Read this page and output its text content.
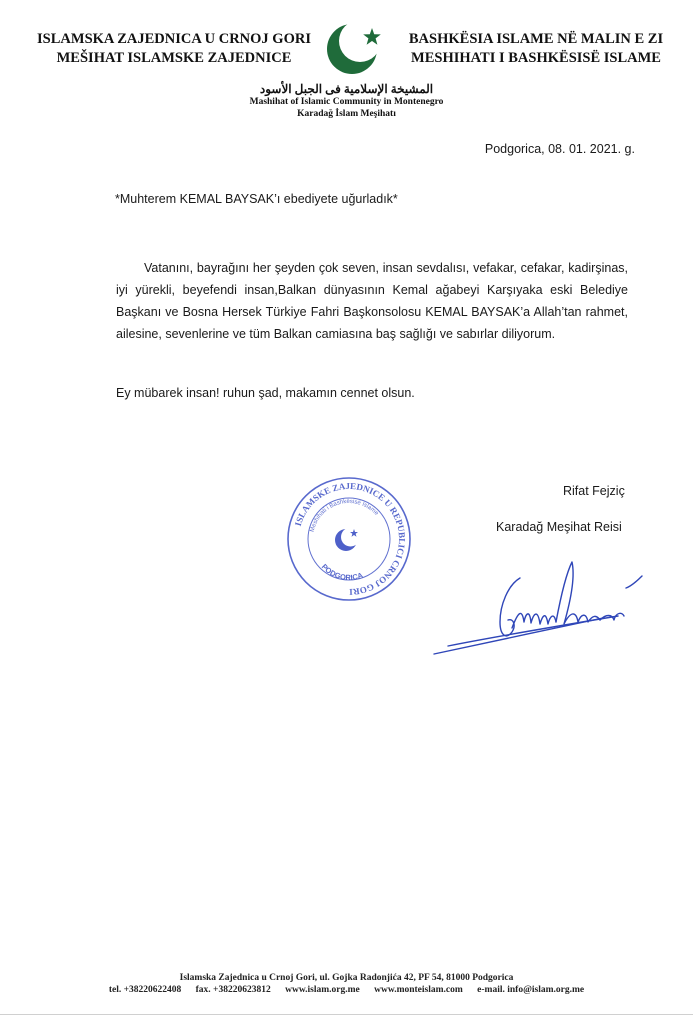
ISLAMSKA ZAJEDNICA U CRNOJ GORI
MEŠIHAT ISLAMSKE ZAJEDNICE
BASHKËSIA ISLAME NË MALIN E ZI
MESHIHATI I BASHKËSISË ISLAME
المشيخة الإسلامية فى الجبل الأسود
Mashihat of Islamic Community in Montenegro
Karadağ İslam Meşihatı
Podgorica, 08. 01. 2021. g.
*Muhterem KEMAL BAYSAK’ı ebediyete uğurladık*
Vatanını, bayrağını her şeyden çok seven, insan sevdalısı, vefakar, cefakar, kadirşinas, iyi yürekli, beyefendi insan,Balkan dünyasının Kemal ağabeyi Karşıyaka eski Belediye Başkanı ve Bosna Hersek Türkiye Fahri Başkonsolosu KEMAL BAYSAK’a Allah’tan rahmet, ailesine, sevenlerine ve tüm Balkan camiasına baş sağlığı ve sabırlar diliyorum.
Ey mübarek insan! ruhun şad, makamın cennet olsun.
Rifat Fejziç
Karadağ Meşihat Reisi
ISLAMSKE ZAJEDNICE U REPUBLICI CRNOJ GORI
Meshihati i Bashkësisë Islame
PODGORICA
Islamska Zajednica u Crnoj Gori, ul. Gojka Radonjića 42, PF 54, 81000 Podgorica
tel. +38220622408 fax. +38220623812 www.islam.org.me www.monteislam.com e-mail. info@islam.org.me
